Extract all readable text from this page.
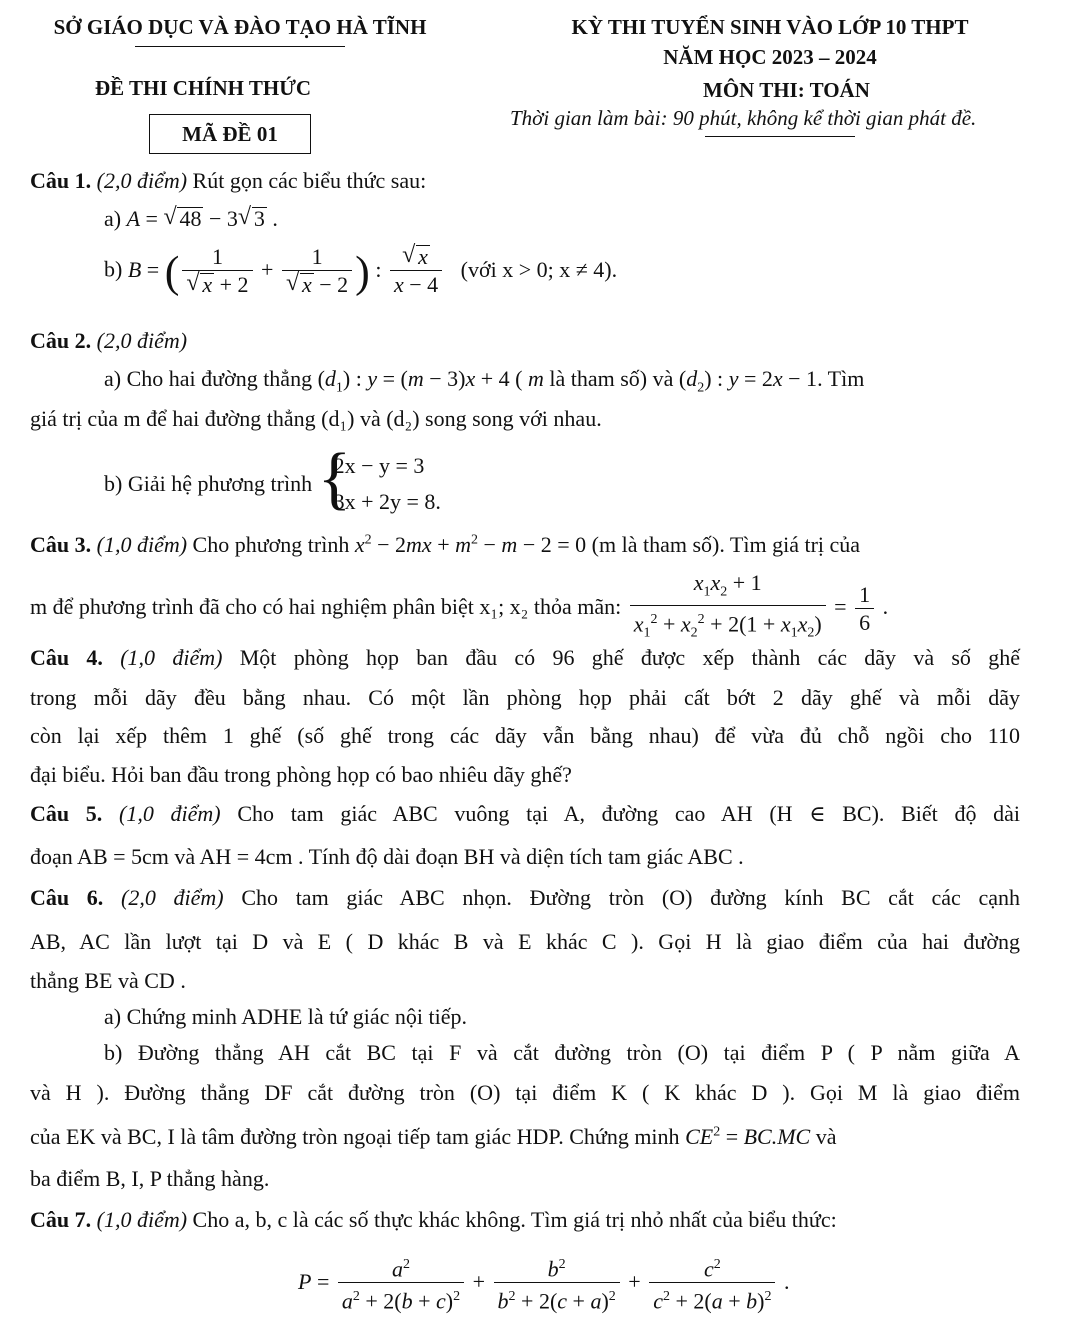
SỞ GIÁO DỤC VÀ ĐÀO TẠO HÀ TĨNH	KỲ THI TUYỂN SINH VÀO LỚP 10 THPT
NĂM HỌC 2023 – 2024
ĐỀ THI CHÍNH THỨC	MÔN THI: TOÁN
MÃ ĐỀ 01
Thời gian làm bài: 90 phút, không kể thời gian phát đề.
Câu 1. (2,0 điểm) Rút gọn các biểu thức sau:
a) A = √ 48 − 3 √ 3 .
b) B = ( $\frac{1}{√ x + 2} + \frac{1}{√ x - 2}$ ) : $\frac{√ x}{x - 4}$ (với x > 0; x ≠ 4).
Câu 2. (2,0 điểm)
a) Cho hai đường thẳng $(d_1)$ : y = (m − 3)x + 4 ( m là tham số) và $(d_2)$ : y = 2x − 1. Tìm
giá trị của m để hai đường thẳng (d₁) và (d₂) song song với nhau.
b) Giải hệ phương trình {
2x − y = 3
3x + 2y = 8.
Câu 3. (1,0 điểm) Cho phương trình $x^2 - 2mx + m^2 - m - 2 = 0$ (m là tham số). Tìm giá trị của
m để phương trình đã cho có hai nghiệm phân biệt x₁; x₂ thỏa mãn: $\frac{x_1x_2 + 1}{x_1^2 + x_2^2 + 2(1 + x_1x_2)} = \frac{1}{6}$ .
Câu 4. (1,0 điểm) Một phòng họp ban đầu có 96 ghế được xếp thành các dãy và số ghế
trong mỗi dãy đều bằng nhau. Có một lần phòng họp phải cất bớt 2 dãy ghế và mỗi dãy
còn lại xếp thêm 1 ghế (số ghế trong các dãy vẫn bằng nhau) để vừa đủ chỗ ngồi cho 110
đại biểu. Hỏi ban đầu trong phòng họp có bao nhiêu dãy ghế?
Câu 5. (1,0 điểm) Cho tam giác ABC vuông tại A, đường cao AH (H ∈ BC). Biết độ dài
đoạn AB = 5cm và AH = 4cm . Tính độ dài đoạn BH và diện tích tam giác ABC .
Câu 6. (2,0 điểm) Cho tam giác ABC nhọn. Đường tròn (O) đường kính BC cắt các cạnh
AB, AC lần lượt tại D và E ( D khác B và E khác C ). Gọi H là giao điểm của hai đường
thẳng BE và CD .
a) Chứng minh ADHE là tứ giác nội tiếp.
b) Đường thẳng AH cắt BC tại F và cắt đường tròn (O) tại điểm P ( P nằm giữa A
và H ). Đường thẳng DF cắt đường tròn (O) tại điểm K ( K khác D ). Gọi M là giao điểm
của EK và BC, I là tâm đường tròn ngoại tiếp tam giác HDP. Chứng minh $CE^2 = BC.MC$ và
ba điểm B, I, P thẳng hàng.
Câu 7. (1,0 điểm) Cho a, b, c là các số thực khác không. Tìm giá trị nhỏ nhất của biểu thức:
$P = \frac{a^2}{a^2 + 2(b + c)^2} + \frac{b^2}{b^2 + 2(c + a)^2} + \frac{c^2}{c^2 + 2(a + b)^2}$ .
